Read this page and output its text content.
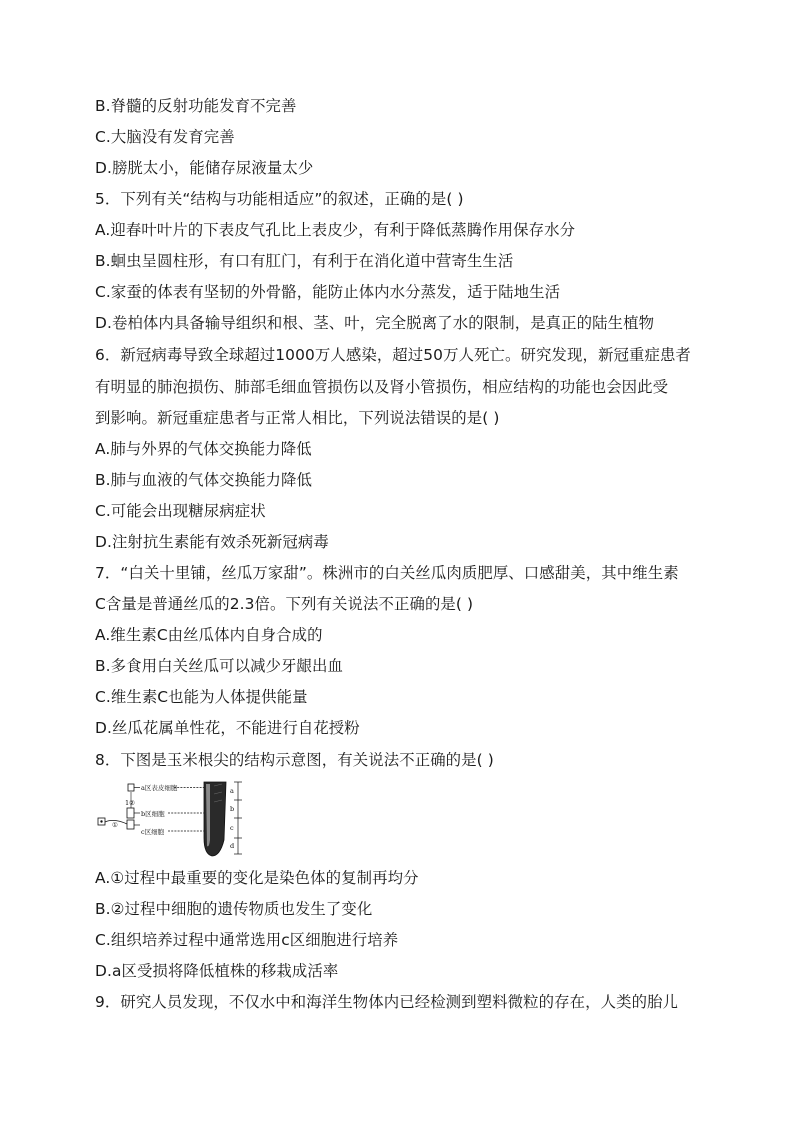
B.脊髓的反射功能发育不完善
C.大脑没有发育完善
D.膀胱太小，能储存尿液量太少
5．下列有关“结构与功能相适应”的叙述，正确的是( )
A.迎春叶叶片的下表皮气孔比上表皮少，有利于降低蒸腾作用保存水分
B.蛔虫呈圆柱形，有口有肛门，有利于在消化道中营寄生生活
C.家蚕的体表有坚韧的外骨骼，能防止体内水分蒸发，适于陆地生活
D.卷柏体内具备输导组织和根、茎、叶，完全脱离了水的限制，是真正的陆生植物
6．新冠病毒导致全球超过1000万人感染，超过50万人死亡。研究发现，新冠重症患者
有明显的肺泡损伤、肺部毛细血管损伤以及肾小管损伤，相应结构的功能也会因此受
到影响。新冠重症患者与正常人相比，下列说法错误的是( )
A.肺与外界的气体交换能力降低
B.肺与血液的气体交换能力降低
C.可能会出现糖尿病症状
D.注射抗生素能有效杀死新冠病毒
7．“白关十里铺，丝瓜万家甜”。株洲市的白关丝瓜肉质肥厚、口感甜美，其中维生素
C含量是普通丝瓜的2.3倍。下列有关说法不正确的是( )
A.维生素C由丝瓜体内自身合成的
B.多食用白关丝瓜可以减少牙龈出血
C.维生素C也能为人体提供能量
D.丝瓜花属单性花，不能进行自花授粉
8．下图是玉米根尖的结构示意图，有关说法不正确的是( )
a区表皮细胞
1②
b区细胞
①
c区细胞
a
b
c
d
A.①过程中最重要的变化是染色体的复制再均分
B.②过程中细胞的遗传物质也发生了变化
C.组织培养过程中通常选用c区细胞进行培养
D.a区受损将降低植株的移栽成活率
9．研究人员发现，不仅水中和海洋生物体内已经检测到塑料微粒的存在，人类的胎儿
